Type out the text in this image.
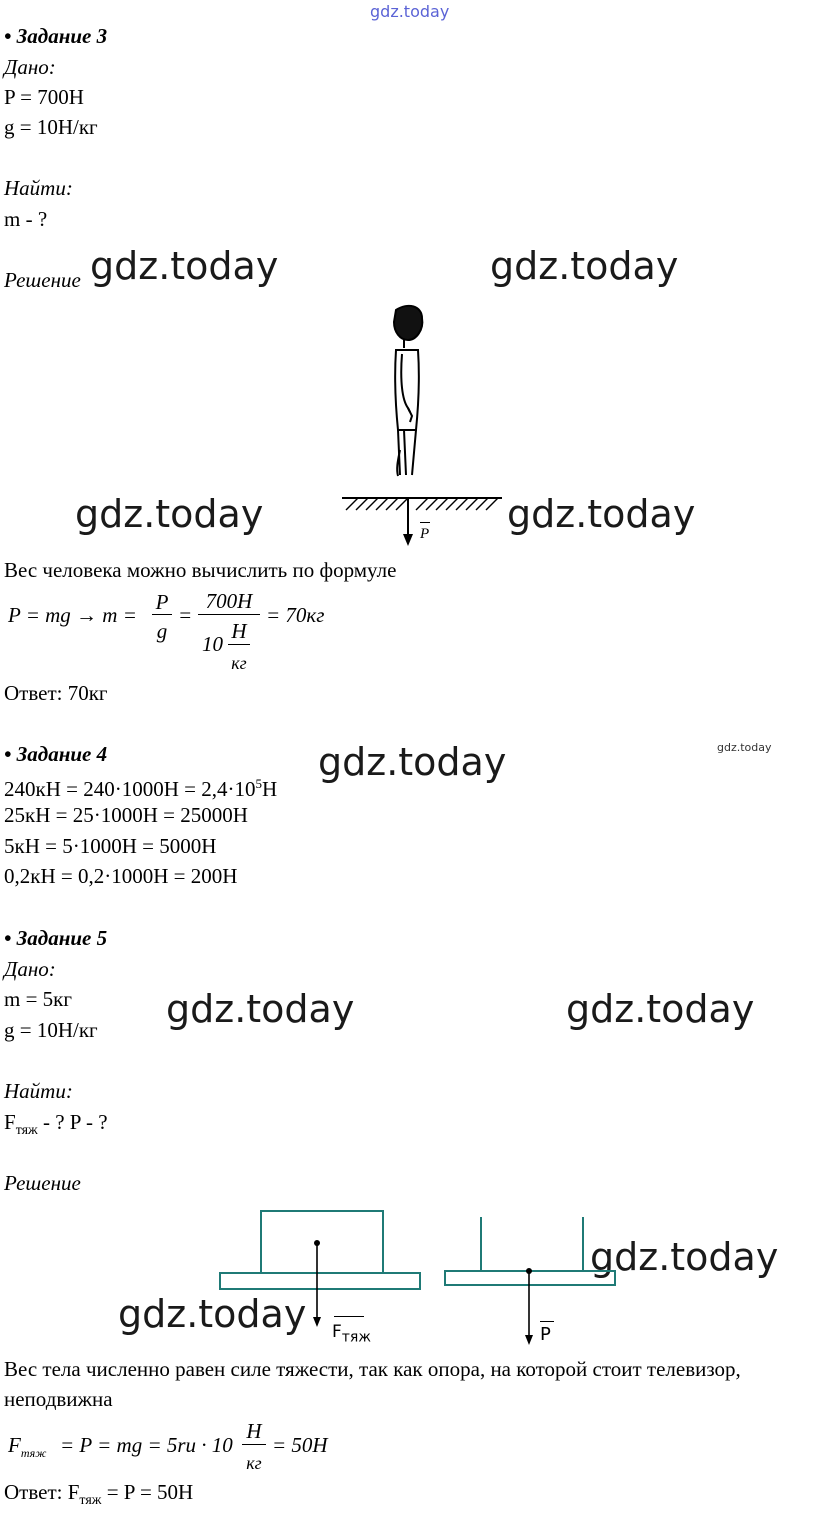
gdz.today
gdz.today	gdz.today
gdz.today	gdz.today
gdz.today	gdz.today
gdz.today	gdz.today
gdz.today
gdz.today
• Задание 3
Дано:
P = 700H
g = 10H/кг
Найти:
m - ?
Решение
P
Вес человека можно вычислить по формуле
P = mg → m =
P
g
=
700H
10
H
кг
= 70кг
Ответ: 70кг
• Задание 4
$240кH = 240\cdot 1000H = 2,4\cdot 10^5H$
25кH = 25·1000H = 25000H
5кH = 5·1000H = 5000H
0,2кH = 0,2·1000H = 200H
• Задание 5
Дано:
m = 5кг
g = 10H/кг
Найти:
$F_{тяж}$ - ? P - ?
Решение
$F_{тяж}$	P
Вес тела численно равен силе тяжести, так как опора, на которой стоит телевизор,
неподвижна
$F_{тяж} = P$ = mg = 5ru · 10
H
кг
= 50H
Ответ: $F_{тяж} = P = 50H$
